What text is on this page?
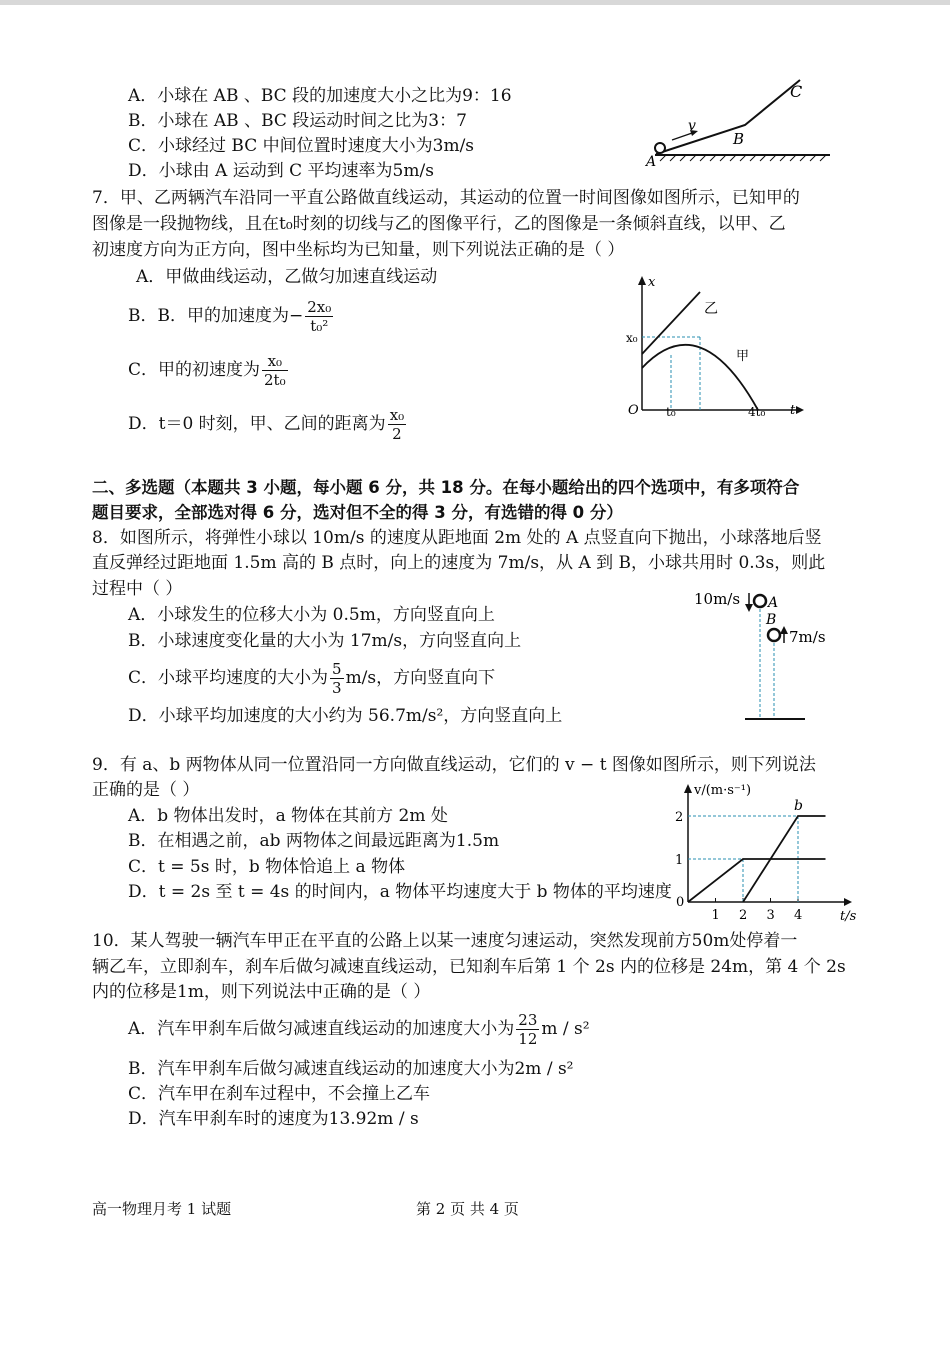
A．小球在 AB 、BC 段的加速度大小之比为9：16
B．小球在 AB 、BC 段运动时间之比为3：7
C．小球经过 BC 中间位置时速度大小为3m/s
D．小球由 A 运动到 C 平均速率为5m/s
v
A
B
C
7．甲、乙两辆汽车沿同一平直公路做直线运动，其运动的位置一时间图像如图所示，已知甲的
图像是一段抛物线，且在t₀时刻的切线与乙的图像平行，乙的图像是一条倾斜直线，以甲、乙
初速度方向为正方向，图中坐标均为已知量，则下列说法正确的是（ ）
A．甲做曲线运动，乙做匀加速直线运动
B．B．甲的加速度为− $\frac{\text{2x₀}}{\text{t₀²}}$
C．甲的初速度为 $\frac{\text{x₀}}{\text{2t₀}}$
D．t＝0 时刻，甲、乙间的距离为 $\frac{\text{x₀}}{2}$
x
t
O
x₀
t₀	4t₀
乙
甲
二、多选题（本题共 3 小题，每小题 6 分，共 18 分。在每小题给出的四个选项中，有多项符合
题目要求，全部选对得 6 分，选对但不全的得 3 分，有选错的得 0 分）
8．如图所示，将弹性小球以 10m/s 的速度从距地面 2m 处的 A 点竖直向下抛出，小球落地后竖
直反弹经过距地面 1.5m 高的 B 点时，向上的速度为 7m/s，从 A 到 B，小球共用时 0.3s，则此
过程中（ ）
A．小球发生的位移大小为 0.5m，方向竖直向上
B．小球速度变化量的大小为 17m/s，方向竖直向上
C．小球平均速度的大小为 $\frac{5}{3} m/s$，方向竖直向下
D．小球平均加速度的大小约为 56.7m/s²，方向竖直向上
10m/s A
B
7m/s
9．有 a、b 两物体从同一位置沿同一方向做直线运动，它们的 v − t 图像如图所示，则下列说法
正确的是（ ）
A．b 物体出发时，a 物体在其前方 2m 处
B．在相遇之前，ab 两物体之间最远距离为1.5m
C．t = 5s 时，b 物体恰追上 a 物体
D．t = 2s 至 t = 4s 的时间内，a 物体平均速度大于 b 物体的平均速度
v/(m·s⁻¹)
t/s
0
1 2 3 4
1
2
b
10．某人驾驶一辆汽车甲正在平直的公路上以某一速度匀速运动，突然发现前方50m处停着一
辆乙车，立即刹车，刹车后做匀减速直线运动，已知刹车后第 1 个 2s 内的位移是 24m，第 4 个 2s
内的位移是1m，则下列说法中正确的是（ ）
A．汽车甲刹车后做匀减速直线运动的加速度大小为 $\frac{23}{12}$ m / s²
B．汽车甲刹车后做匀减速直线运动的加速度大小为2m / s²
C．汽车甲在刹车过程中，不会撞上乙车
D．汽车甲刹车时的速度为13.92m / s
高一物理月考 1 试题	第 2 页 共 4 页
